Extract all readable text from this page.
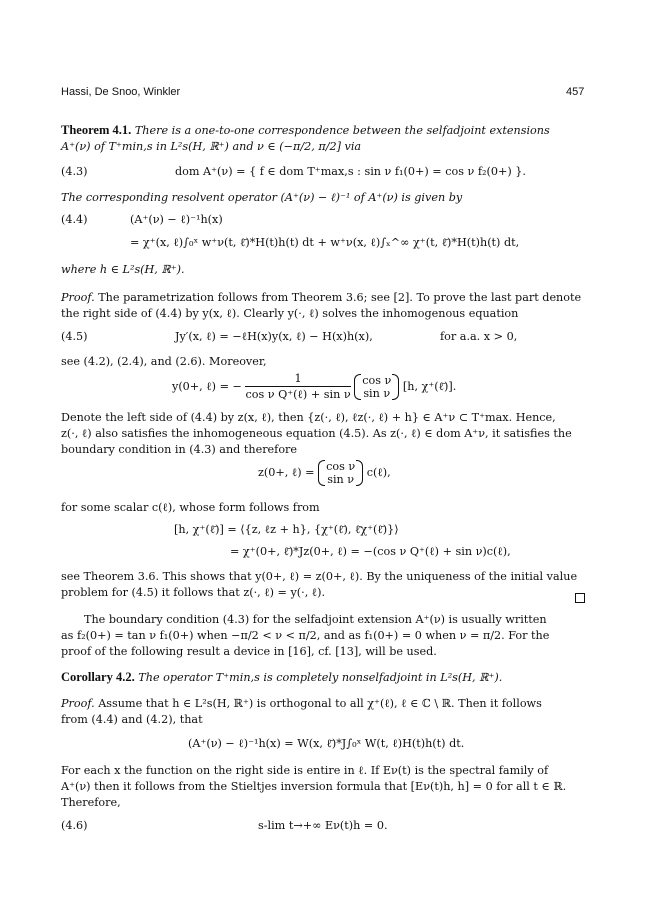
Hassi, De Snoo, Winkler	457
Theorem 4.1. There is a one-to-one correspondence between the selfadjoint extensions
A⁺(ν) of T⁺min,s in L²s(H, ℝ⁺) and ν ∈ (−π/2, π/2] via
(4.3)	dom A⁺(ν) = { f ∈ dom T⁺max,s : sin ν f₁(0+) = cos ν f₂(0+) }.
The corresponding resolvent operator (A⁺(ν) − ℓ)⁻¹ of A⁺(ν) is given by
(4.4)	(A⁺(ν) − ℓ)⁻¹h(x)
= χ⁺(x, ℓ)∫₀ˣ w⁺ν(t, ℓ̄)*H(t)h(t) dt + w⁺ν(x, ℓ)∫ₓ^∞ χ⁺(t, ℓ̄)*H(t)h(t) dt,
where h ∈ L²s(H, ℝ⁺).
Proof. The parametrization follows from Theorem 3.6; see [2]. To prove the last part denote
the right side of (4.4) by y(x, ℓ). Clearly y(·, ℓ) solves the inhomogenous equation
(4.5)	Jy′(x, ℓ) = −ℓH(x)y(x, ℓ) − H(x)h(x),	for a.a. x > 0,
see (4.2), (2.4), and (2.6). Moreover,
y(0+, ℓ) = − $\frac{1}{\text{cos ν Q⁺(ℓ) + sin ν}}$
cos ν
sin ν
[h, χ⁺(ℓ̄)].
Denote the left side of (4.4) by z(x, ℓ), then {z(·, ℓ), ℓz(·, ℓ) + h} ∈ A⁺ν ⊂ T⁺max. Hence,
z(·, ℓ) also satisfies the inhomogeneous equation (4.5). As z(·, ℓ) ∈ dom A⁺ν, it satisfies the
boundary condition in (4.3) and therefore
z(0+, ℓ) = cos ν
sin ν
c(ℓ),
for some scalar c(ℓ), whose form follows from
[h, χ⁺(ℓ̄)] = ⟨{z, ℓz + h}, {χ⁺(ℓ̄), ℓ̄χ⁺(ℓ̄)}⟩
= χ⁺(0+, ℓ̄)*Jz(0+, ℓ) = −(cos ν Q⁺(ℓ) + sin ν)c(ℓ),
see Theorem 3.6. This shows that y(0+, ℓ) = z(0+, ℓ). By the uniqueness of the initial value
problem for (4.5) it follows that z(·, ℓ) = y(·, ℓ).
The boundary condition (4.3) for the selfadjoint extension A⁺(ν) is usually written
as f₂(0+) = tan ν f₁(0+) when −π/2 < ν < π/2, and as f₁(0+) = 0 when ν = π/2. For the
proof of the following result a device in [16], cf. [13], will be used.
Corollary 4.2. The operator T⁺min,s is completely nonselfadjoint in L²s(H, ℝ⁺).
Proof. Assume that h ∈ L²s(H, ℝ⁺) is orthogonal to all χ⁺(ℓ), ℓ ∈ ℂ \ ℝ. Then it follows
from (4.4) and (4.2), that
(A⁺(ν) − ℓ)⁻¹h(x) = W(x, ℓ̄)*J∫₀ˣ W(t, ℓ)H(t)h(t) dt.
For each x the function on the right side is entire in ℓ. If Eν(t) is the spectral family of
A⁺(ν) then it follows from the Stieltjes inversion formula that [Eν(t)h, h] = 0 for all t ∈ ℝ.
Therefore,
(4.6)	s-lim t→+∞ Eν(t)h = 0.
